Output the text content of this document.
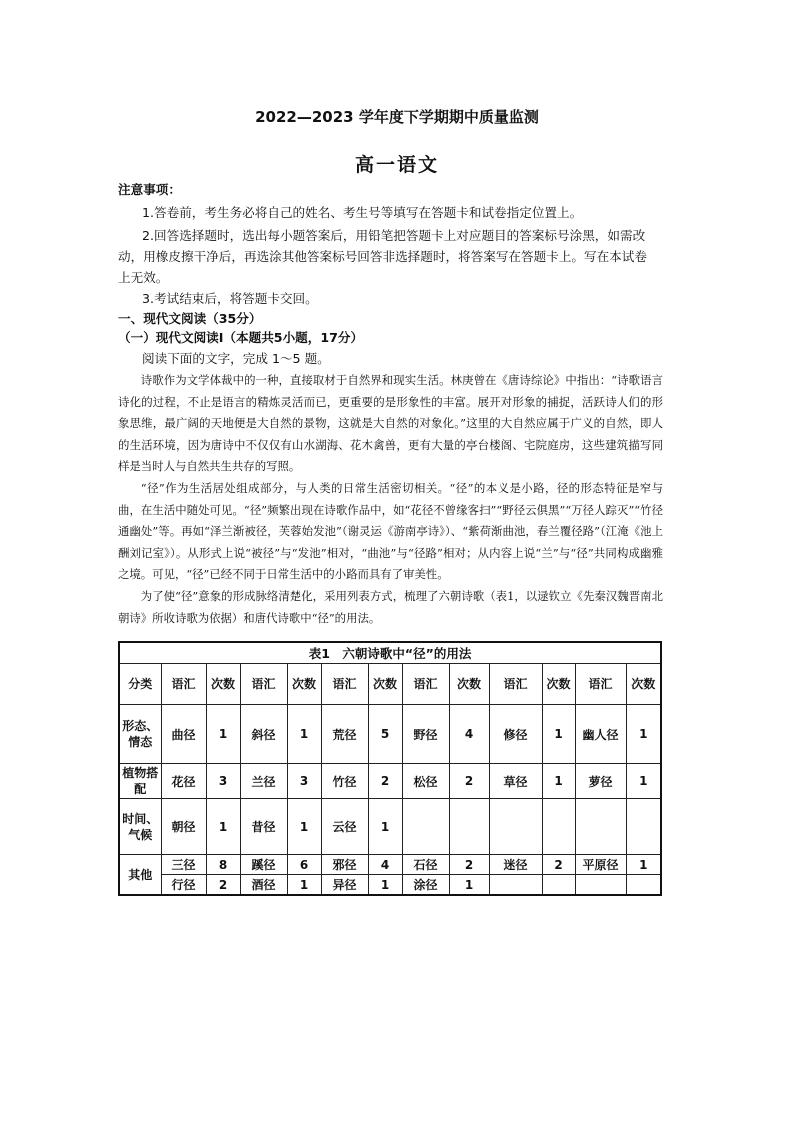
2022—2023 学年度下学期期中质量监测
高一语文
注意事项：
1.答卷前，考生务必将自己的姓名、考生号等填写在答题卡和试卷指定位置上。
2.回答选择题时，选出每小题答案后，用铅笔把答题卡上对应题目的答案标号涂黑，如需改
动，用橡皮擦干净后，再选涂其他答案标号回答非选择题时，将答案写在答题卡上。写在本试卷
上无效。
3.考试结束后，将答题卡交回。
一、现代文阅读（35分）
（一）现代文阅读Ⅰ（本题共5小题，17分）
阅读下面的文字，完成 1～5 题。

诗歌作为文学体裁中的一种，直接取材于自然界和现实生活。林庚曾在《唐诗综论》中指出：“诗歌语言诗化的过程，不止是语言的精炼灵活而已，更重要的是形象性的丰富。展开对形象的捕捉，活跃诗人们的形象思维，最广阔的天地便是大自然的景物，这就是大自然的对象化。”这里的大自然应属于广义的自然，即人的生活环境，因为唐诗中不仅仅有山水湖海、花木禽兽，更有大量的亭台楼阁、宅院庭房，这些建筑描写同样是当时人与自然共生共存的写照。

“径”作为生活居处组成部分，与人类的日常生活密切相关。“径”的本义是小路，径的形态特征是窄与曲，在生活中随处可见。“径”频繁出现在诗歌作品中，如“花径不曾缘客扫”“野径云俱黑”“万径人踪灭”“竹径通幽处”等。再如“泽兰渐被径，芙蓉始发池”（谢灵运《游南亭诗》）、“紫荷渐曲池，春兰覆径路”（江淹《池上酬刘记室》）。从形式上说“被径”与“发池”相对，“曲池”与“径路”相对；从内容上说“兰”与“径”共同构成幽雅之境。可见，“径”已经不同于日常生活中的小路而具有了审美性。

为了使“径”意象的形成脉络清楚化，采用列表方式，梳理了六朝诗歌（表1，以逯钦立《先秦汉魏晋南北朝诗》所收诗歌为依据）和唐代诗歌中“径”的用法。

表1　六朝诗歌中“径”的用法												
分类	语汇	次数	语汇	次数	语汇	次数	语汇	次数	语汇	次数	语汇	次数
形态、情态	曲径	1	斜径	1	荒径	5	野径	4	修径	1	幽人径	1
植物搭配	花径	3	兰径	3	竹径	2	松径	2	草径	1	萝径	1
时间、气候	朝径	1	昔径	1	云径	1						
其他	三径	8	蹊径	6	邪径	4	石径	2	迷径	2	平原径	1
	行径	2	酒径	1	异径	1	涂径	1				
